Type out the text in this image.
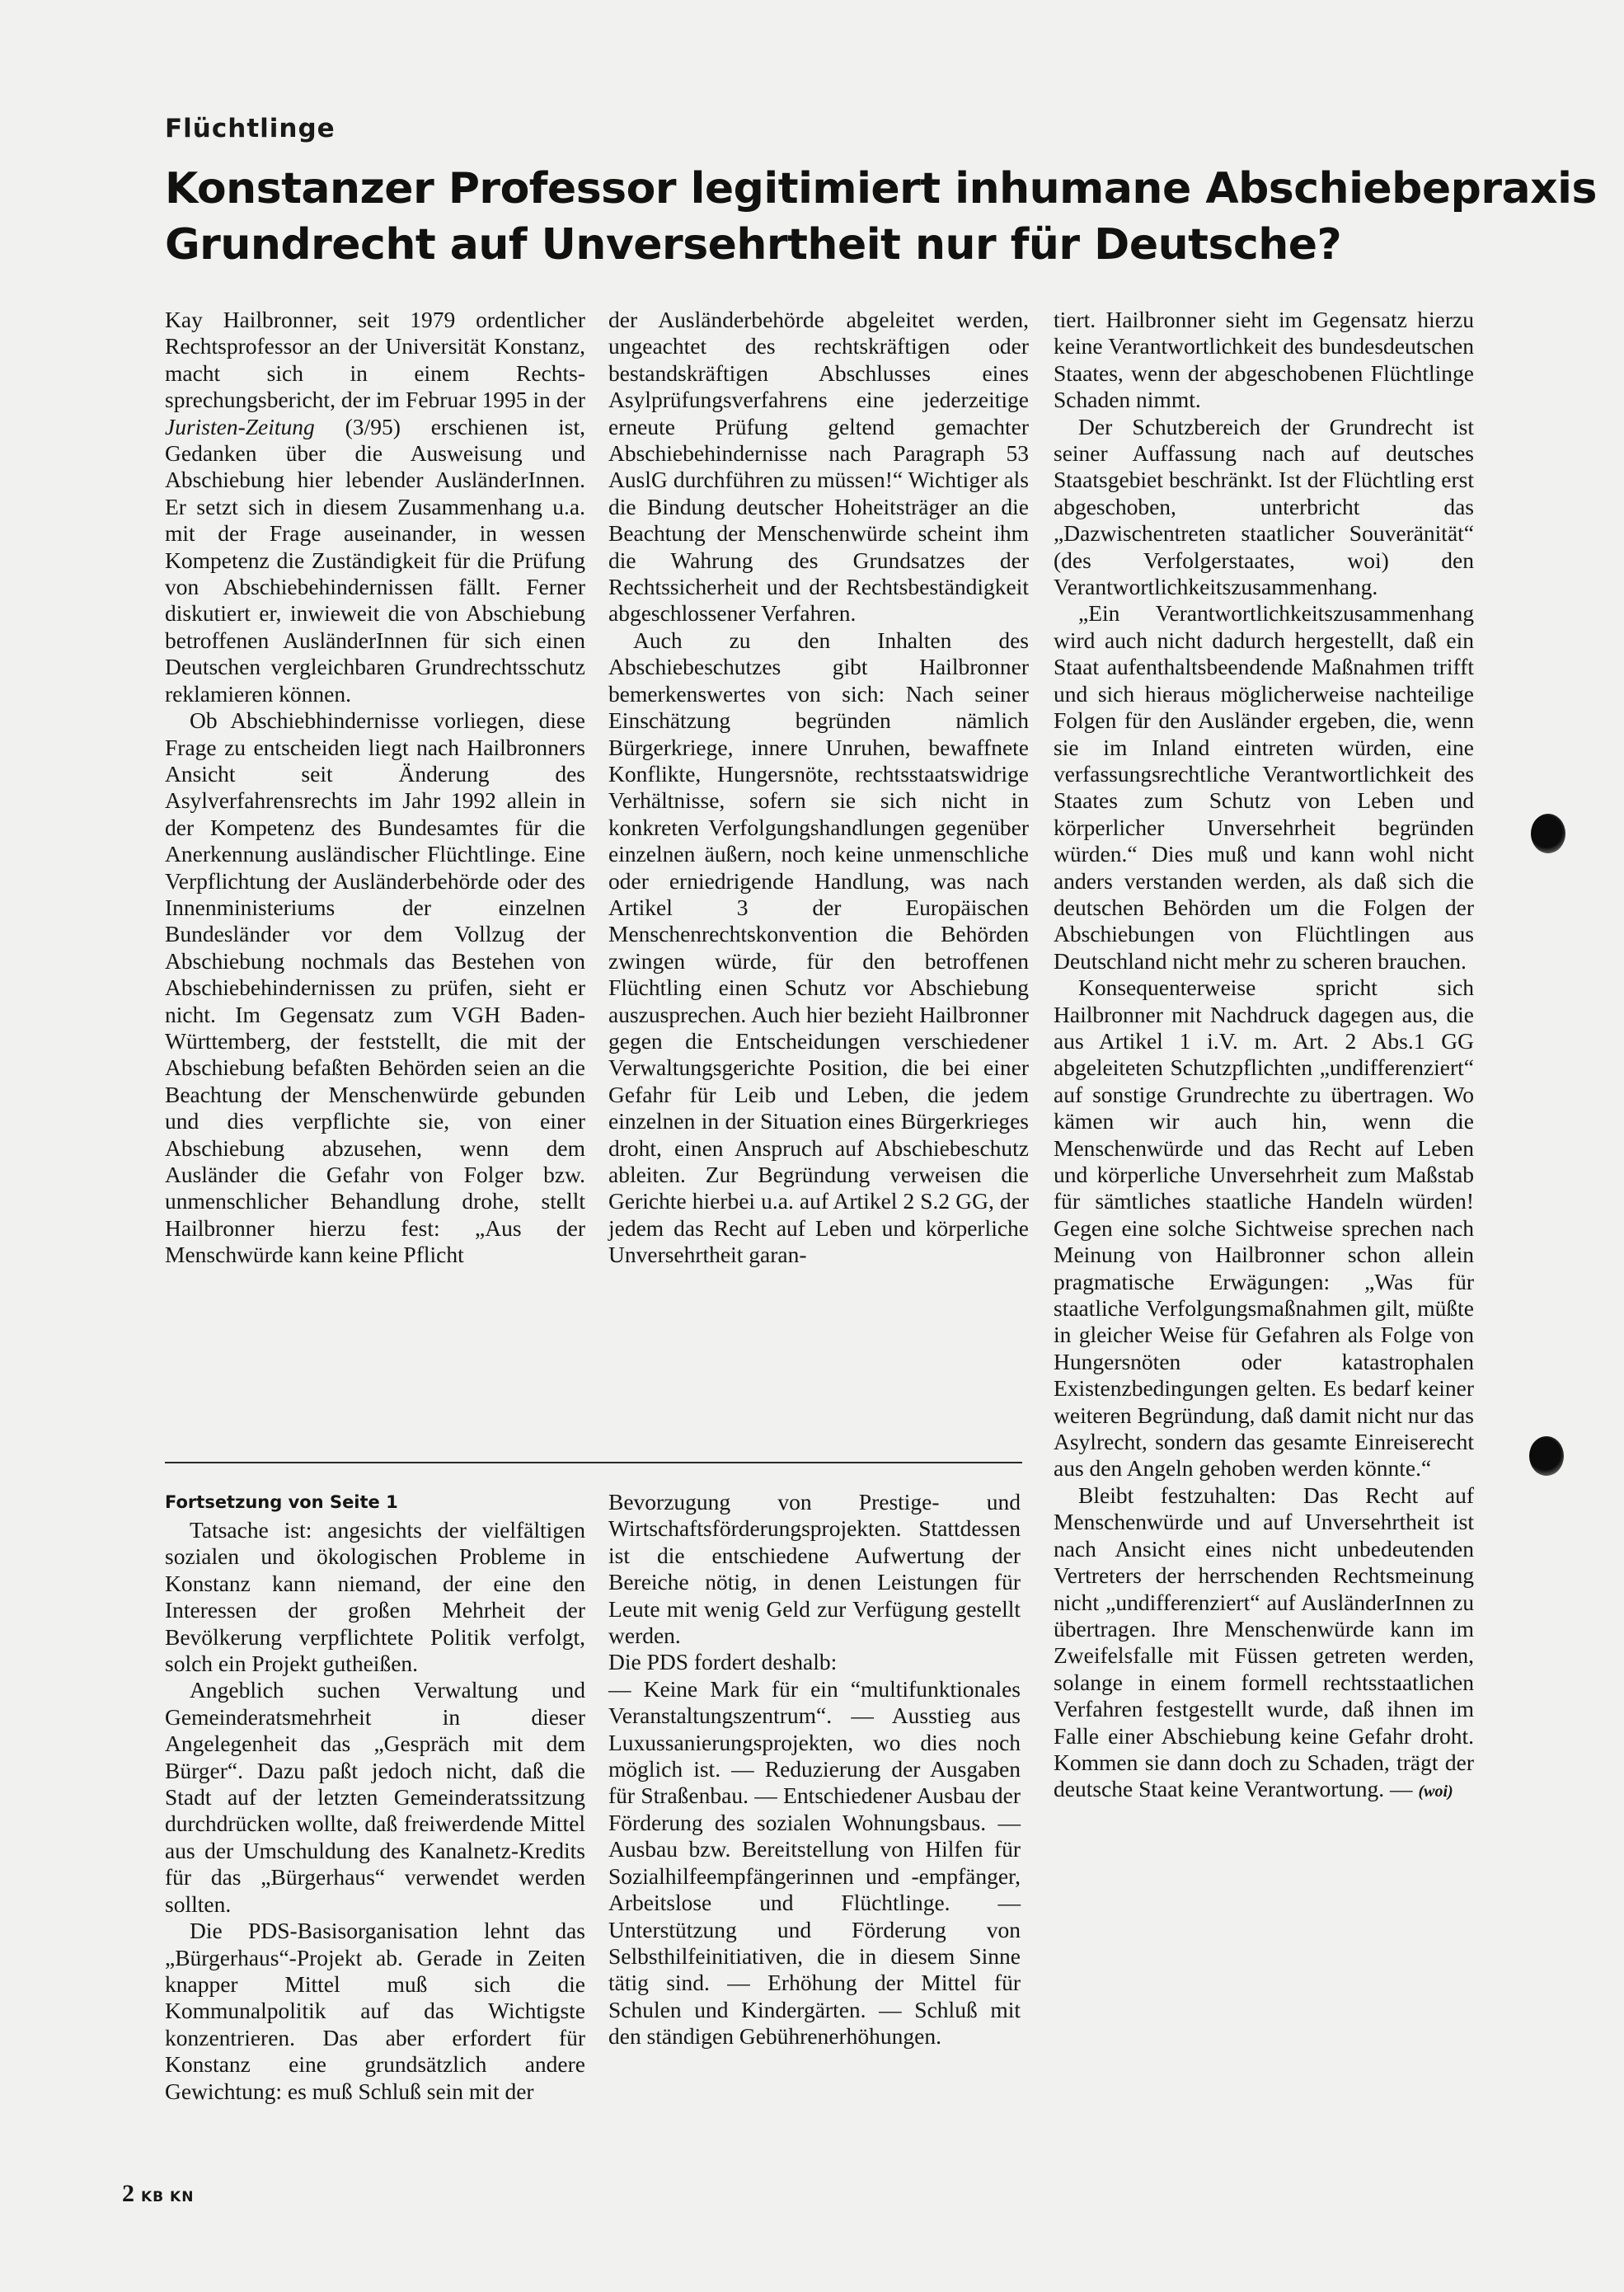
Flüchtlinge
Konstanzer Professor legitimiert inhumane Abschiebepraxis
Grundrecht auf Unversehrtheit nur für Deutsche?

Kay Hailbronner, seit 1979 ordentlicher Rechtsprofessor an der Universität Konstanz, macht sich in einem Rechts-sprechungsbericht, der im Februar 1995 in der Juristen-Zeitung (3/95) erschienen ist, Gedanken über die Ausweisung und Abschiebung hier lebender AusländerInnen. Er setzt sich in diesem Zusammenhang u.a. mit der Frage auseinander, in wessen Kompetenz die Zuständigkeit für die Prüfung von Abschiebehindernissen fällt. Ferner diskutiert er, inwieweit die von Abschiebung betroffenen AusländerInnen für sich einen Deutschen vergleichbaren Grundrechtsschutz reklamieren können.

Ob Abschiebhindernisse vorliegen, diese Frage zu entscheiden liegt nach Hailbronners Ansicht seit Änderung des Asylverfahrensrechts im Jahr 1992 allein in der Kompetenz des Bundesamtes für die Anerkennung ausländischer Flüchtlinge. Eine Verpflichtung der Ausländerbehörde oder des Innenministeriums der einzelnen Bundesländer vor dem Vollzug der Abschiebung nochmals das Bestehen von Abschiebehindernissen zu prüfen, sieht er nicht. Im Gegensatz zum VGH Baden-Württemberg, der feststellt, die mit der Abschiebung befaßten Behörden seien an die Beachtung der Menschenwürde gebunden und dies verpflichte sie, von einer Abschiebung abzusehen, wenn dem Ausländer die Gefahr von Folger bzw. unmenschlicher Behandlung drohe, stellt Hailbronner hierzu fest: „Aus der Menschwürde kann keine Pflicht

der Ausländerbehörde abgeleitet werden, ungeachtet des rechtskräftigen oder bestandskräftigen Abschlusses eines Asylprüfungsverfahrens eine jederzeitige erneute Prüfung geltend gemachter Abschiebehindernisse nach Paragraph 53 AuslG durchführen zu müssen!“ Wichtiger als die Bindung deutscher Hoheitsträger an die Beachtung der Menschenwürde scheint ihm die Wahrung des Grundsatzes der Rechtssicherheit und der Rechtsbeständigkeit abgeschlossener Verfahren.

Auch zu den Inhalten des Abschiebeschutzes gibt Hailbronner bemerkenswertes von sich: Nach seiner Einschätzung begründen nämlich Bürgerkriege, innere Unruhen, bewaffnete Konflikte, Hungersnöte, rechtsstaatswidrige Verhältnisse, sofern sie sich nicht in konkreten Verfolgungshandlungen gegenüber einzelnen äußern, noch keine unmenschliche oder erniedrigende Handlung, was nach Artikel 3 der Europäischen Menschenrechtskonvention die Behörden zwingen würde, für den betroffenen Flüchtling einen Schutz vor Abschiebung auszusprechen. Auch hier bezieht Hailbronner gegen die Entscheidungen verschiedener Verwaltungsgerichte Position, die bei einer Gefahr für Leib und Leben, die jedem einzelnen in der Situation eines Bürgerkrieges droht, einen Anspruch auf Abschiebeschutz ableiten. Zur Begründung verweisen die Gerichte hierbei u.a. auf Artikel 2 S.2 GG, der jedem das Recht auf Leben und körperliche Unversehrtheit garan-

tiert. Hailbronner sieht im Gegensatz hierzu keine Verantwortlichkeit des bundesdeutschen Staates, wenn der abgeschobenen Flüchtlinge Schaden nimmt.

Der Schutzbereich der Grundrecht ist seiner Auffassung nach auf deutsches Staatsgebiet beschränkt. Ist der Flüchtling erst abgeschoben, unterbricht das „Dazwischentreten staatlicher Souveränität“ (des Verfolgerstaates, woi) den Verantwortlichkeitszusammenhang.

„Ein Verantwortlichkeitszusammenhang wird auch nicht dadurch hergestellt, daß ein Staat aufenthaltsbeendende Maßnahmen trifft und sich hieraus möglicherweise nachteilige Folgen für den Ausländer ergeben, die, wenn sie im Inland eintreten würden, eine verfassungsrechtliche Verantwortlichkeit des Staates zum Schutz von Leben und körperlicher Unversehrheit begründen würden.“ Dies muß und kann wohl nicht anders verstanden werden, als daß sich die deutschen Behörden um die Folgen der Abschiebungen von Flüchtlingen aus Deutschland nicht mehr zu scheren brauchen.

Konsequenterweise spricht sich Hailbronner mit Nachdruck dagegen aus, die aus Artikel 1 i.V. m. Art. 2 Abs.1 GG abgeleiteten Schutzpflichten „undifferenziert“ auf sonstige Grundrechte zu übertragen. Wo kämen wir auch hin, wenn die Menschenwürde und das Recht auf Leben und körperliche Unversehrheit zum Maßstab für sämtliches staatliche Handeln würden! Gegen eine solche Sichtweise sprechen nach Meinung von Hailbronner schon allein pragmatische Erwägungen: „Was für staatliche Verfolgungsmaßnahmen gilt, müßte in gleicher Weise für Gefahren als Folge von Hungersnöten oder katastrophalen Existenzbedingungen gelten. Es bedarf keiner weiteren Begründung, daß damit nicht nur das Asylrecht, sondern das gesamte Einreiserecht aus den Angeln gehoben werden könnte.“

Bleibt festzuhalten: Das Recht auf Menschenwürde und auf Unversehrtheit ist nach Ansicht eines nicht unbedeutenden Vertreters der herrschenden Rechtsmeinung nicht „undifferenziert“ auf AusländerInnen zu übertragen. Ihre Menschenwürde kann im Zweifelsfalle mit Füssen getreten werden, solange in einem formell rechtsstaatlichen Verfahren festgestellt wurde, daß ihnen im Falle einer Abschiebung keine Gefahr droht. Kommen sie dann doch zu Schaden, trägt der deutsche Staat keine Verantwortung. — (woi)

Fortsetzung von Seite 1

Tatsache ist: angesichts der vielfältigen sozialen und ökologischen Probleme in Konstanz kann niemand, der eine den Interessen der großen Mehrheit der Bevölkerung verpflichtete Politik verfolgt, solch ein Projekt gutheißen.

Angeblich suchen Verwaltung und Gemeinderatsmehrheit in dieser Angelegenheit das „Gespräch mit dem Bürger“. Dazu paßt jedoch nicht, daß die Stadt auf der letzten Gemeinderatssitzung durchdrücken wollte, daß freiwerdende Mittel aus der Umschuldung des Kanalnetz-Kredits für das „Bürgerhaus“ verwendet werden sollten.

Die PDS-Basisorganisation lehnt das „Bürgerhaus“-Projekt ab. Gerade in Zeiten knapper Mittel muß sich die Kommunalpolitik auf das Wichtigste konzentrieren. Das aber erfordert für Konstanz eine grundsätzlich andere Gewichtung: es muß Schluß sein mit der

Bevorzugung von Prestige- und Wirtschaftsförderungsprojekten. Stattdessen ist die entschiedene Aufwertung der Bereiche nötig, in denen Leistungen für Leute mit wenig Geld zur Verfügung gestellt werden.

Die PDS fordert deshalb:

— Keine Mark für ein “multifunktionales Veranstaltungszentrum“. — Ausstieg aus Luxussanierungsprojekten, wo dies noch möglich ist. — Reduzierung der Ausgaben für Straßenbau. — Entschiedener Ausbau der Förderung des sozialen Wohnungsbaus. — Ausbau bzw. Bereitstellung von Hilfen für Sozialhilfeempfängerinnen und -empfänger, Arbeitslose und Flüchtlinge. — Unterstützung und Förderung von Selbsthilfeinitiativen, die in diesem Sinne tätig sind. — Erhöhung der Mittel für Schulen und Kindergärten. — Schluß mit den ständigen Gebührenerhöhungen.

2 KB KN
